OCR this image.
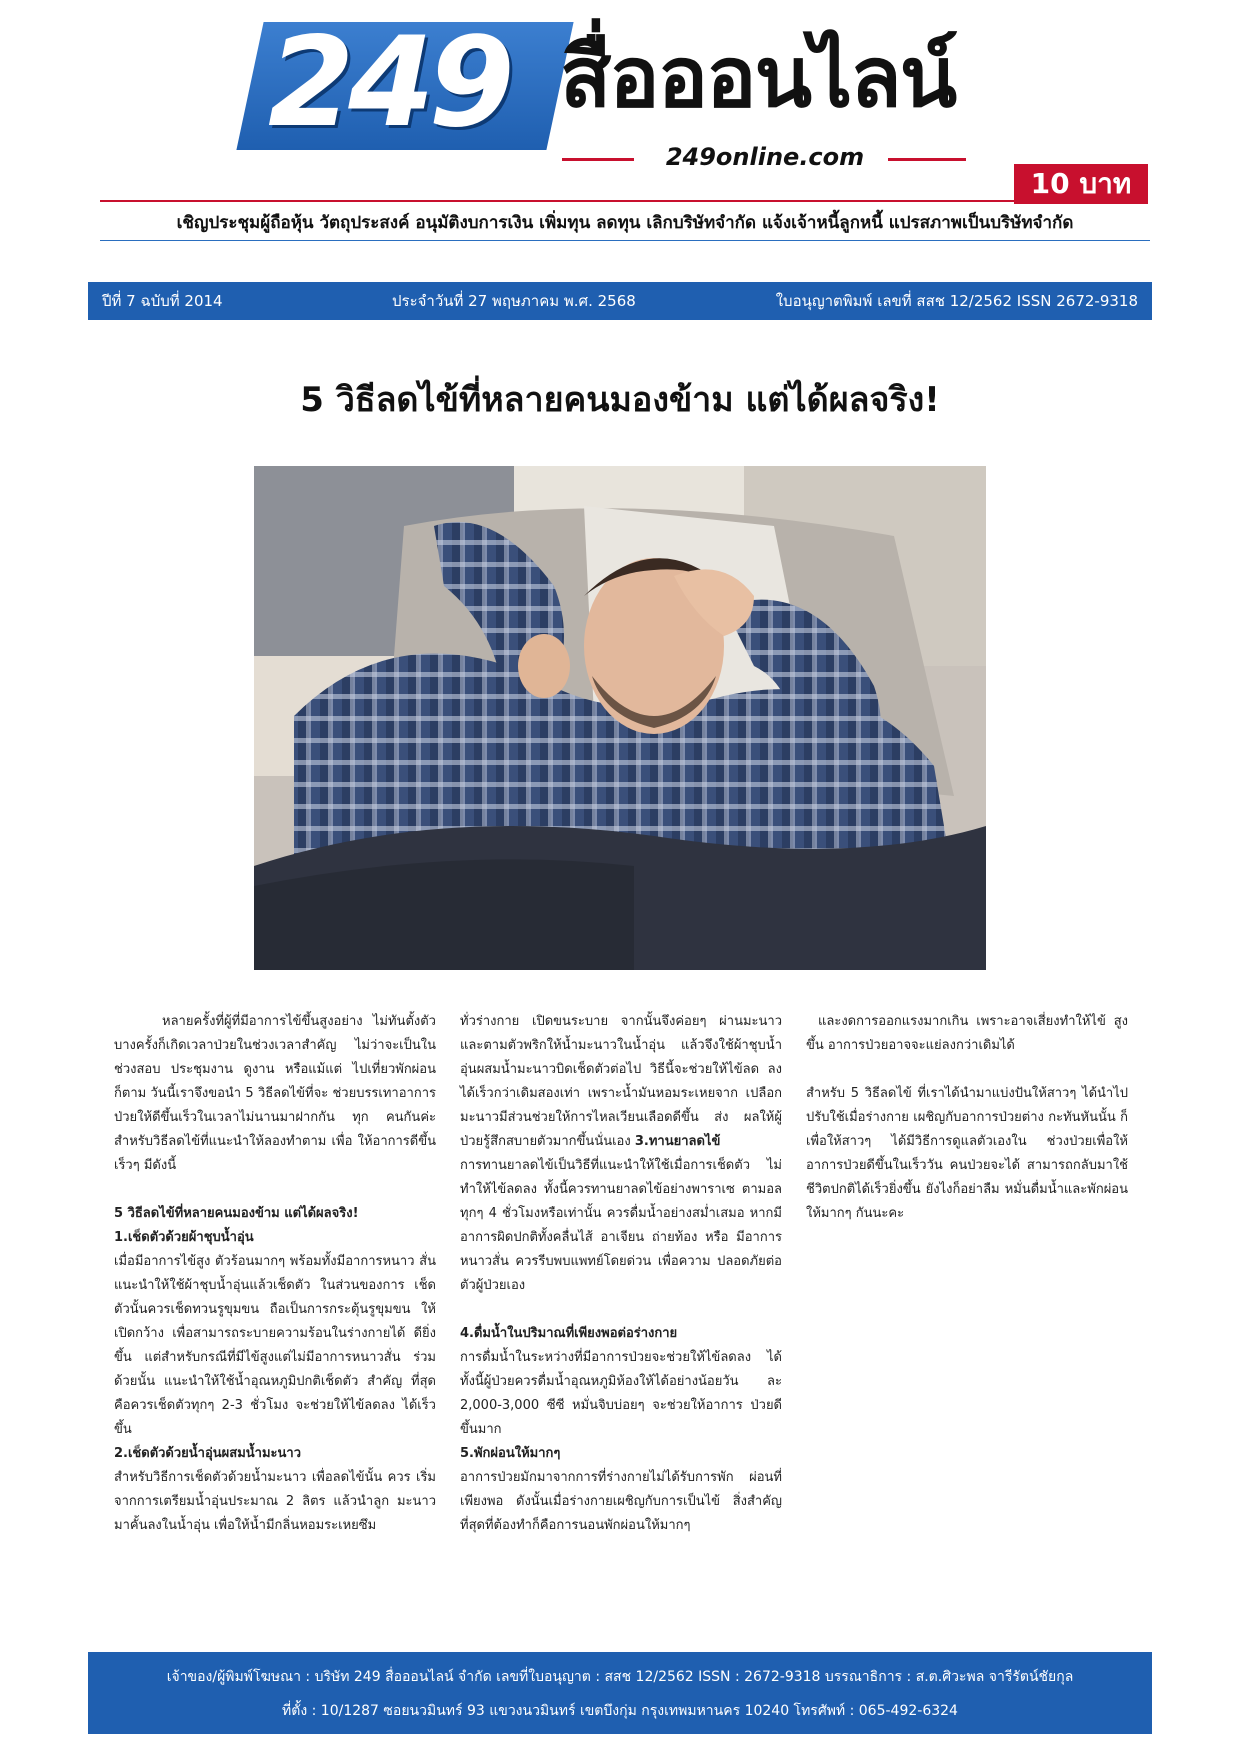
249 สื่อออนไลน์
249online.com
10 บาท
เชิญประชุมผู้ถือหุ้น วัตถุประสงค์ อนุมัติงบการเงิน เพิ่มทุน ลดทุน เลิกบริษัทจำกัด แจ้งเจ้าหนี้ลูกหนี้ แปรสภาพเป็นบริษัทจำกัด
ปีที่ 7 ฉบับที่ 2014	ประจำวันที่ 27 พฤษภาคม พ.ศ. 2568	ใบอนุญาตพิมพ์ เลขที่ สสช 12/2562 ISSN 2672-9318
5 วิธีลดไข้ที่หลายคนมองข้าม แต่ได้ผลจริง!

หลายครั้งที่ผู้ที่มีอาการไข้ขึ้นสูงอย่าง ไม่ทันตั้งตัว บางครั้งก็เกิดเวลาป่วยในช่วงเวลาสำคัญ ไม่ว่าจะเป็นในช่วงสอบ ประชุมงาน ดูงาน หรือแม้แต่ ไปเที่ยวพักผ่อนก็ตาม วันนี้เราจึงขอนำ 5 วิธีลดไข้ที่จะ ช่วยบรรเทาอาการป่วยให้ดีขึ้นเร็วในเวลาไม่นานมาฝากกัน ทุก คนกันค่ะ สำหรับวิธีลดไข้ที่แนะนำให้ลองทำตาม เพื่อ ให้อาการดีขึ้นเร็วๆ มีดังนี้

5 วิธีลดไข้ที่หลายคนมองข้าม แต่ได้ผลจริง!

1.เช็ดตัวด้วยผ้าชุบน้ำอุ่น

เมื่อมีอาการไข้สูง ตัวร้อนมากๆ พร้อมทั้งมีอาการหนาว สั่น แนะนำให้ใช้ผ้าชุบน้ำอุ่นแล้วเช็ดตัว ในส่วนของการ เช็ดตัวนั้นควรเช็ดทวนรูขุมขน ถือเป็นการกระตุ้นรูขุมขน ให้เปิดกว้าง เพื่อสามารถระบายความร้อนในร่างกายได้ ดียิ่งขึ้น แต่สำหรับกรณีที่มีไข้สูงแต่ไม่มีอาการหนาวสั่น ร่วมด้วยนั้น แนะนำให้ใช้น้ำอุณหภูมิปกติเช็ดตัว สำคัญ ที่สุดคือควรเช็ดตัวทุกๆ 2-3 ชั่วโมง จะช่วยให้ไข้ลดลง ได้เร็วขึ้น

2.เช็ดตัวด้วยน้ำอุ่นผสมน้ำมะนาว

สำหรับวิธีการเช็ดตัวด้วยน้ำมะนาว เพื่อลดไข้นั้น ควร เริ่มจากการเตรียมน้ำอุ่นประมาณ 2 ลิตร แล้วนำลูก มะนาวมาคั้นลงในน้ำอุ่น เพื่อให้น้ำมีกลิ่นหอมระเหยซึม

ทั่วร่างกาย เปิดขนระบาย จากนั้นจึงค่อยๆ ผ่านมะนาว และตามตัวพริกให้น้ำมะนาวในน้ำอุ่น แล้วจึงใช้ผ้าชุบน้ำ อุ่นผสมน้ำมะนาวบิดเช็ดตัวต่อไป วิธีนี้จะช่วยให้ไข้ลด ลงได้เร็วกว่าเดิมสองเท่า เพราะน้ำมันหอมระเหยจาก เปลือกมะนาวมีส่วนช่วยให้การไหลเวียนเลือดดีขึ้น ส่ง ผลให้ผู้ป่วยรู้สึกสบายตัวมากขึ้นนั่นเอง 3.ทานยาลดไข้

การทานยาลดไข้เป็นวิธีที่แนะนำให้ใช้เมื่อการเช็ดตัว ไม่ทำให้ไข้ลดลง ทั้งนี้ควรทานยาลดไข้อย่างพาราเซ ตามอลทุกๆ 4 ชั่วโมงหรือเท่านั้น ควรดื่มน้ำอย่างสม่ำเสมอ หากมีอาการผิดปกติทั้งคลื่นไส้ อาเจียน ถ่ายท้อง หรือ มีอาการหนาวสั่น ควรรีบพบแพทย์โดยด่วน เพื่อความ ปลอดภัยต่อตัวผู้ป่วยเอง

4.ดื่มน้ำในปริมาณที่เพียงพอต่อร่างกาย

การดื่มน้ำในระหว่างที่มีอาการป่วยจะช่วยให้ไข้ลดลง ได้ ทั้งนี้ผู้ป่วยควรดื่มน้ำอุณหภูมิห้องให้ได้อย่างน้อยวัน ละ 2,000-3,000 ซีซี หมั่นจิบบ่อยๆ จะช่วยให้อาการ ป่วยดีขึ้นมาก

5.พักผ่อนให้มากๆ

อาการป่วยมักมาจากการที่ร่างกายไม่ได้รับการพัก ผ่อนที่เพียงพอ ดังนั้นเมื่อร่างกายเผชิญกับการเป็นไข้ สิ่งสำคัญที่สุดที่ต้องทำก็คือการนอนพักผ่อนให้มากๆ

และงดการออกแรงมากเกิน เพราะอาจเสี่ยงทำให้ไข้ สูงขึ้น อาการป่วยอาจจะแย่ลงกว่าเดิมได้

สำหรับ 5 วิธีลดไข้ ที่เราได้นำมาแบ่งปันให้สาวๆ ได้นำไปปรับใช้เมื่อร่างกาย เผชิญกับอาการป่วยต่าง กะทันหันนั้น ก็เพื่อให้สาวๆ ได้มีวิธีการดูแลตัวเองใน ช่วงป่วยเพื่อให้อาการป่วยดีขึ้นในเร็ววัน คนป่วยจะได้ สามารถกลับมาใช้ชีวิตปกติได้เร็วยิ่งขึ้น ยังไงก็อย่าลืม หมั่นดื่มน้ำและพักผ่อนให้มากๆ กันนะคะ

เจ้าของ/ผู้พิมพ์โฆษณา : บริษัท 249 สื่อออนไลน์ จำกัด เลขที่ใบอนุญาต : สสช 12/2562 ISSN : 2672-9318 บรรณาธิการ : ส.ต.ศิวะพล จารีรัตน์ชัยกุล
ที่ตั้ง : 10/1287 ซอยนวมินทร์ 93 แขวงนวมินทร์ เขตบึงกุ่ม กรุงเทพมหานคร 10240 โทรศัพท์ : 065-492-6324
